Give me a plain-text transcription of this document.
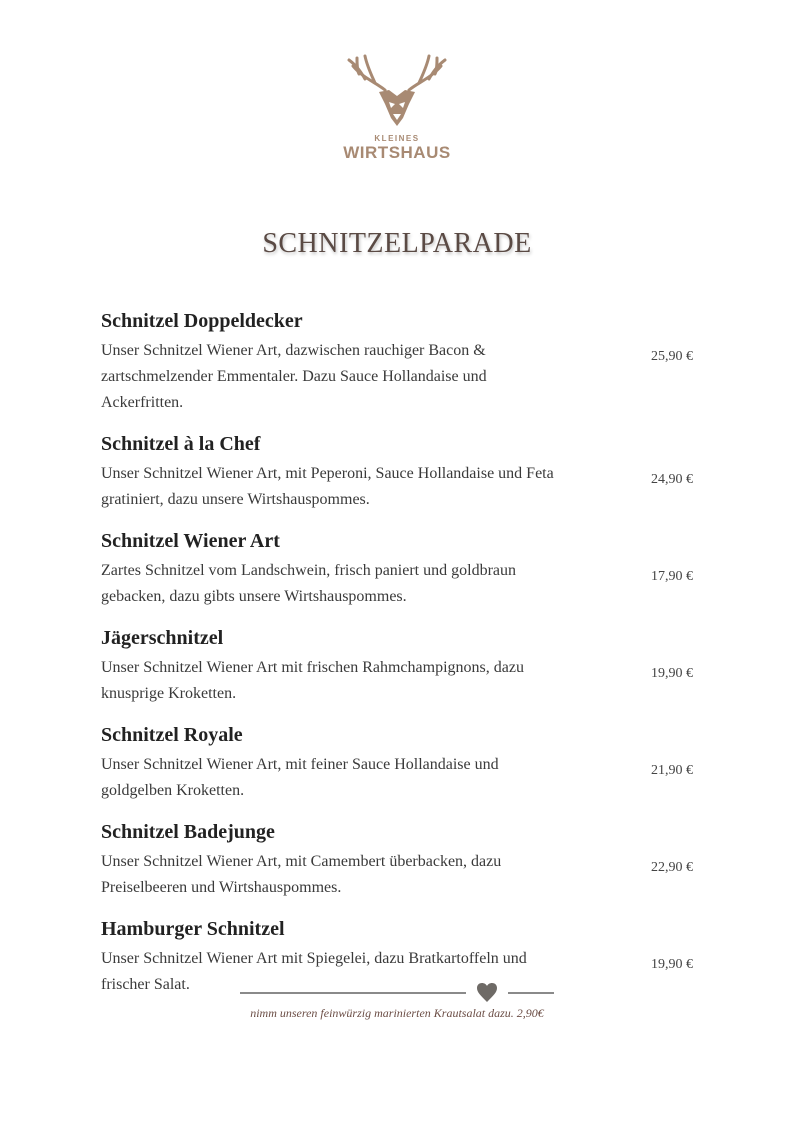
KLEINES
WIRTSHAUS
SCHNITZELPARADE
Schnitzel Doppeldecker
Unser Schnitzel Wiener Art, dazwischen rauchiger Bacon & zartschmelzender Emmentaler. Dazu Sauce Hollandaise und Ackerfritten.
25,90 €
Schnitzel à la Chef
Unser Schnitzel Wiener Art, mit Peperoni, Sauce Hollandaise und Feta gratiniert, dazu unsere Wirtshauspommes.
24,90 €
Schnitzel Wiener Art
Zartes Schnitzel vom Landschwein, frisch paniert und goldbraun gebacken, dazu gibts unsere Wirtshauspommes.
17,90 €
Jägerschnitzel
Unser Schnitzel Wiener Art mit frischen Rahmchampignons, dazu knusprige Kroketten.
19,90 €
Schnitzel Royale
Unser Schnitzel Wiener Art, mit feiner Sauce Hollandaise und goldgelben Kroketten.
21,90 €
Schnitzel Badejunge
Unser Schnitzel Wiener Art, mit Camembert überbacken, dazu Preiselbeeren und Wirtshauspommes.
22,90 €
Hamburger Schnitzel
Unser Schnitzel Wiener Art mit Spiegelei, dazu Bratkartoffeln und frischer Salat.
19,90 €
nimm unseren feinwürzig marinierten Krautsalat dazu. 2,90€
